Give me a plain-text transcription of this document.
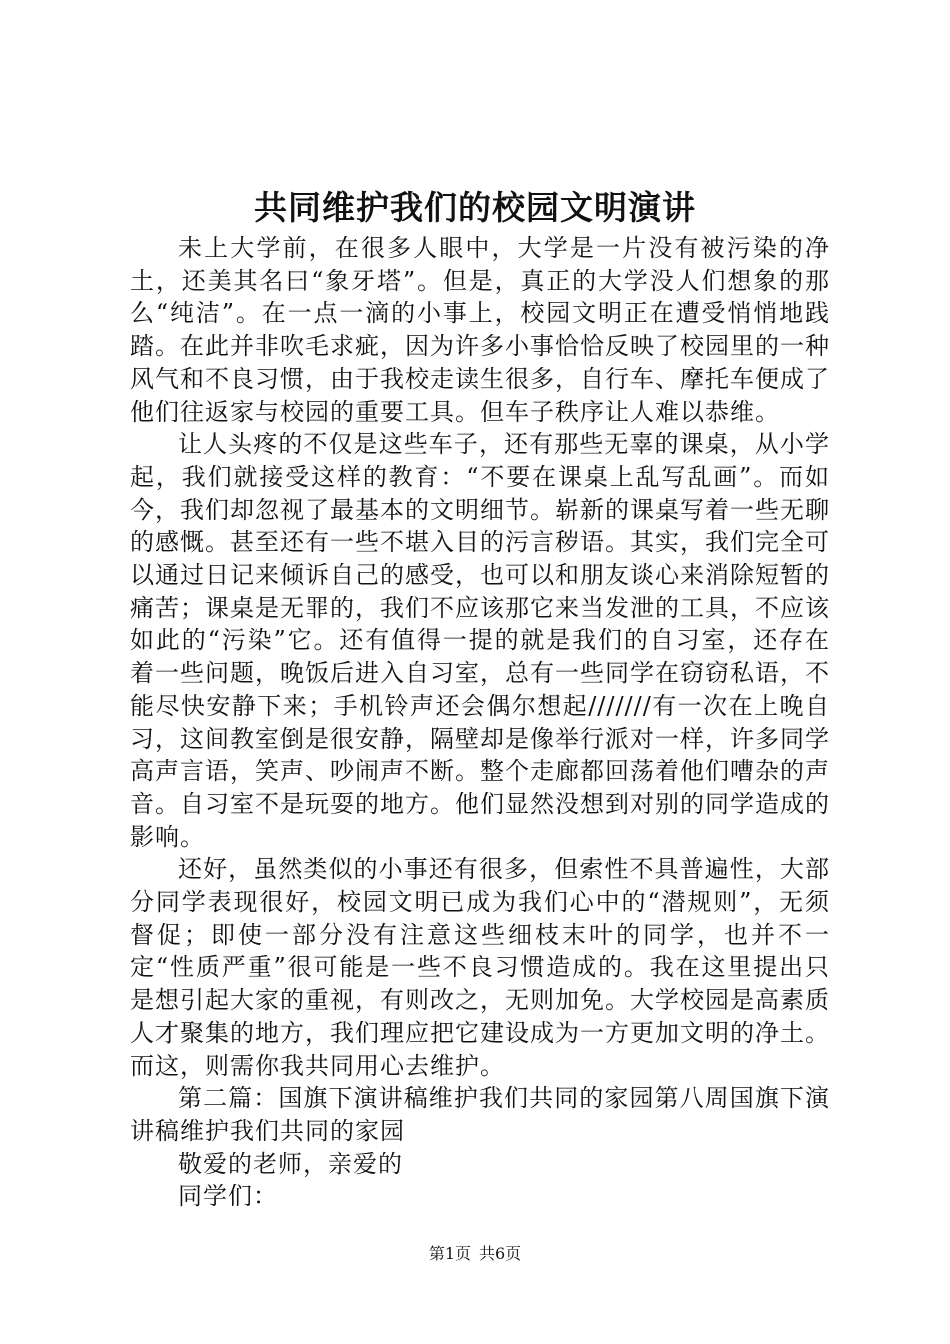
共同维护我们的校园文明演讲

未上大学前，在很多人眼中，大学是一片没有被污染的净土，还美其名曰“象牙塔”。但是，真正的大学没人们想象的那么“纯洁”。在一点一滴的小事上，校园文明正在遭受悄悄地践踏。在此并非吹毛求疵，因为许多小事恰恰反映了校园里的一种风气和不良习惯，由于我校走读生很多，自行车、摩托车便成了他们往返家与校园的重要工具。但车子秩序让人难以恭维。

让人头疼的不仅是这些车子，还有那些无辜的课桌，从小学起，我们就接受这样的教育：“不要在课桌上乱写乱画”。而如今，我们却忽视了最基本的文明细节。崭新的课桌写着一些无聊的感慨。甚至还有一些不堪入目的污言秽语。其实，我们完全可以通过日记来倾诉自己的感受，也可以和朋友谈心来消除短暂的痛苦；课桌是无罪的，我们不应该那它来当发泄的工具，不应该如此的“污染”它。还有值得一提的就是我们的自习室，还存在着一些问题，晚饭后进入自习室，总有一些同学在窃窃私语，不能尽快安静下来；手机铃声还会偶尔想起///////有一次在上晚自习，这间教室倒是很安静，隔壁却是像举行派对一样，许多同学高声言语，笑声、吵闹声不断。整个走廊都回荡着他们嘈杂的声音。自习室不是玩耍的地方。他们显然没想到对别的同学造成的影响。

还好，虽然类似的小事还有很多，但索性不具普遍性，大部分同学表现很好，校园文明已成为我们心中的“潜规则”，无须督促；即使一部分没有注意这些细枝末叶的同学，也并不一定“性质严重”很可能是一些不良习惯造成的。我在这里提出只是想引起大家的重视，有则改之，无则加免。大学校园是高素质人才聚集的地方，我们理应把它建设成为一方更加文明的净土。而这，则需你我共同用心去维护。

第二篇：国旗下演讲稿维护我们共同的家园第八周国旗下演讲稿维护我们共同的家园

敬爱的老师，亲爱的

同学们：

第1页 共6页
